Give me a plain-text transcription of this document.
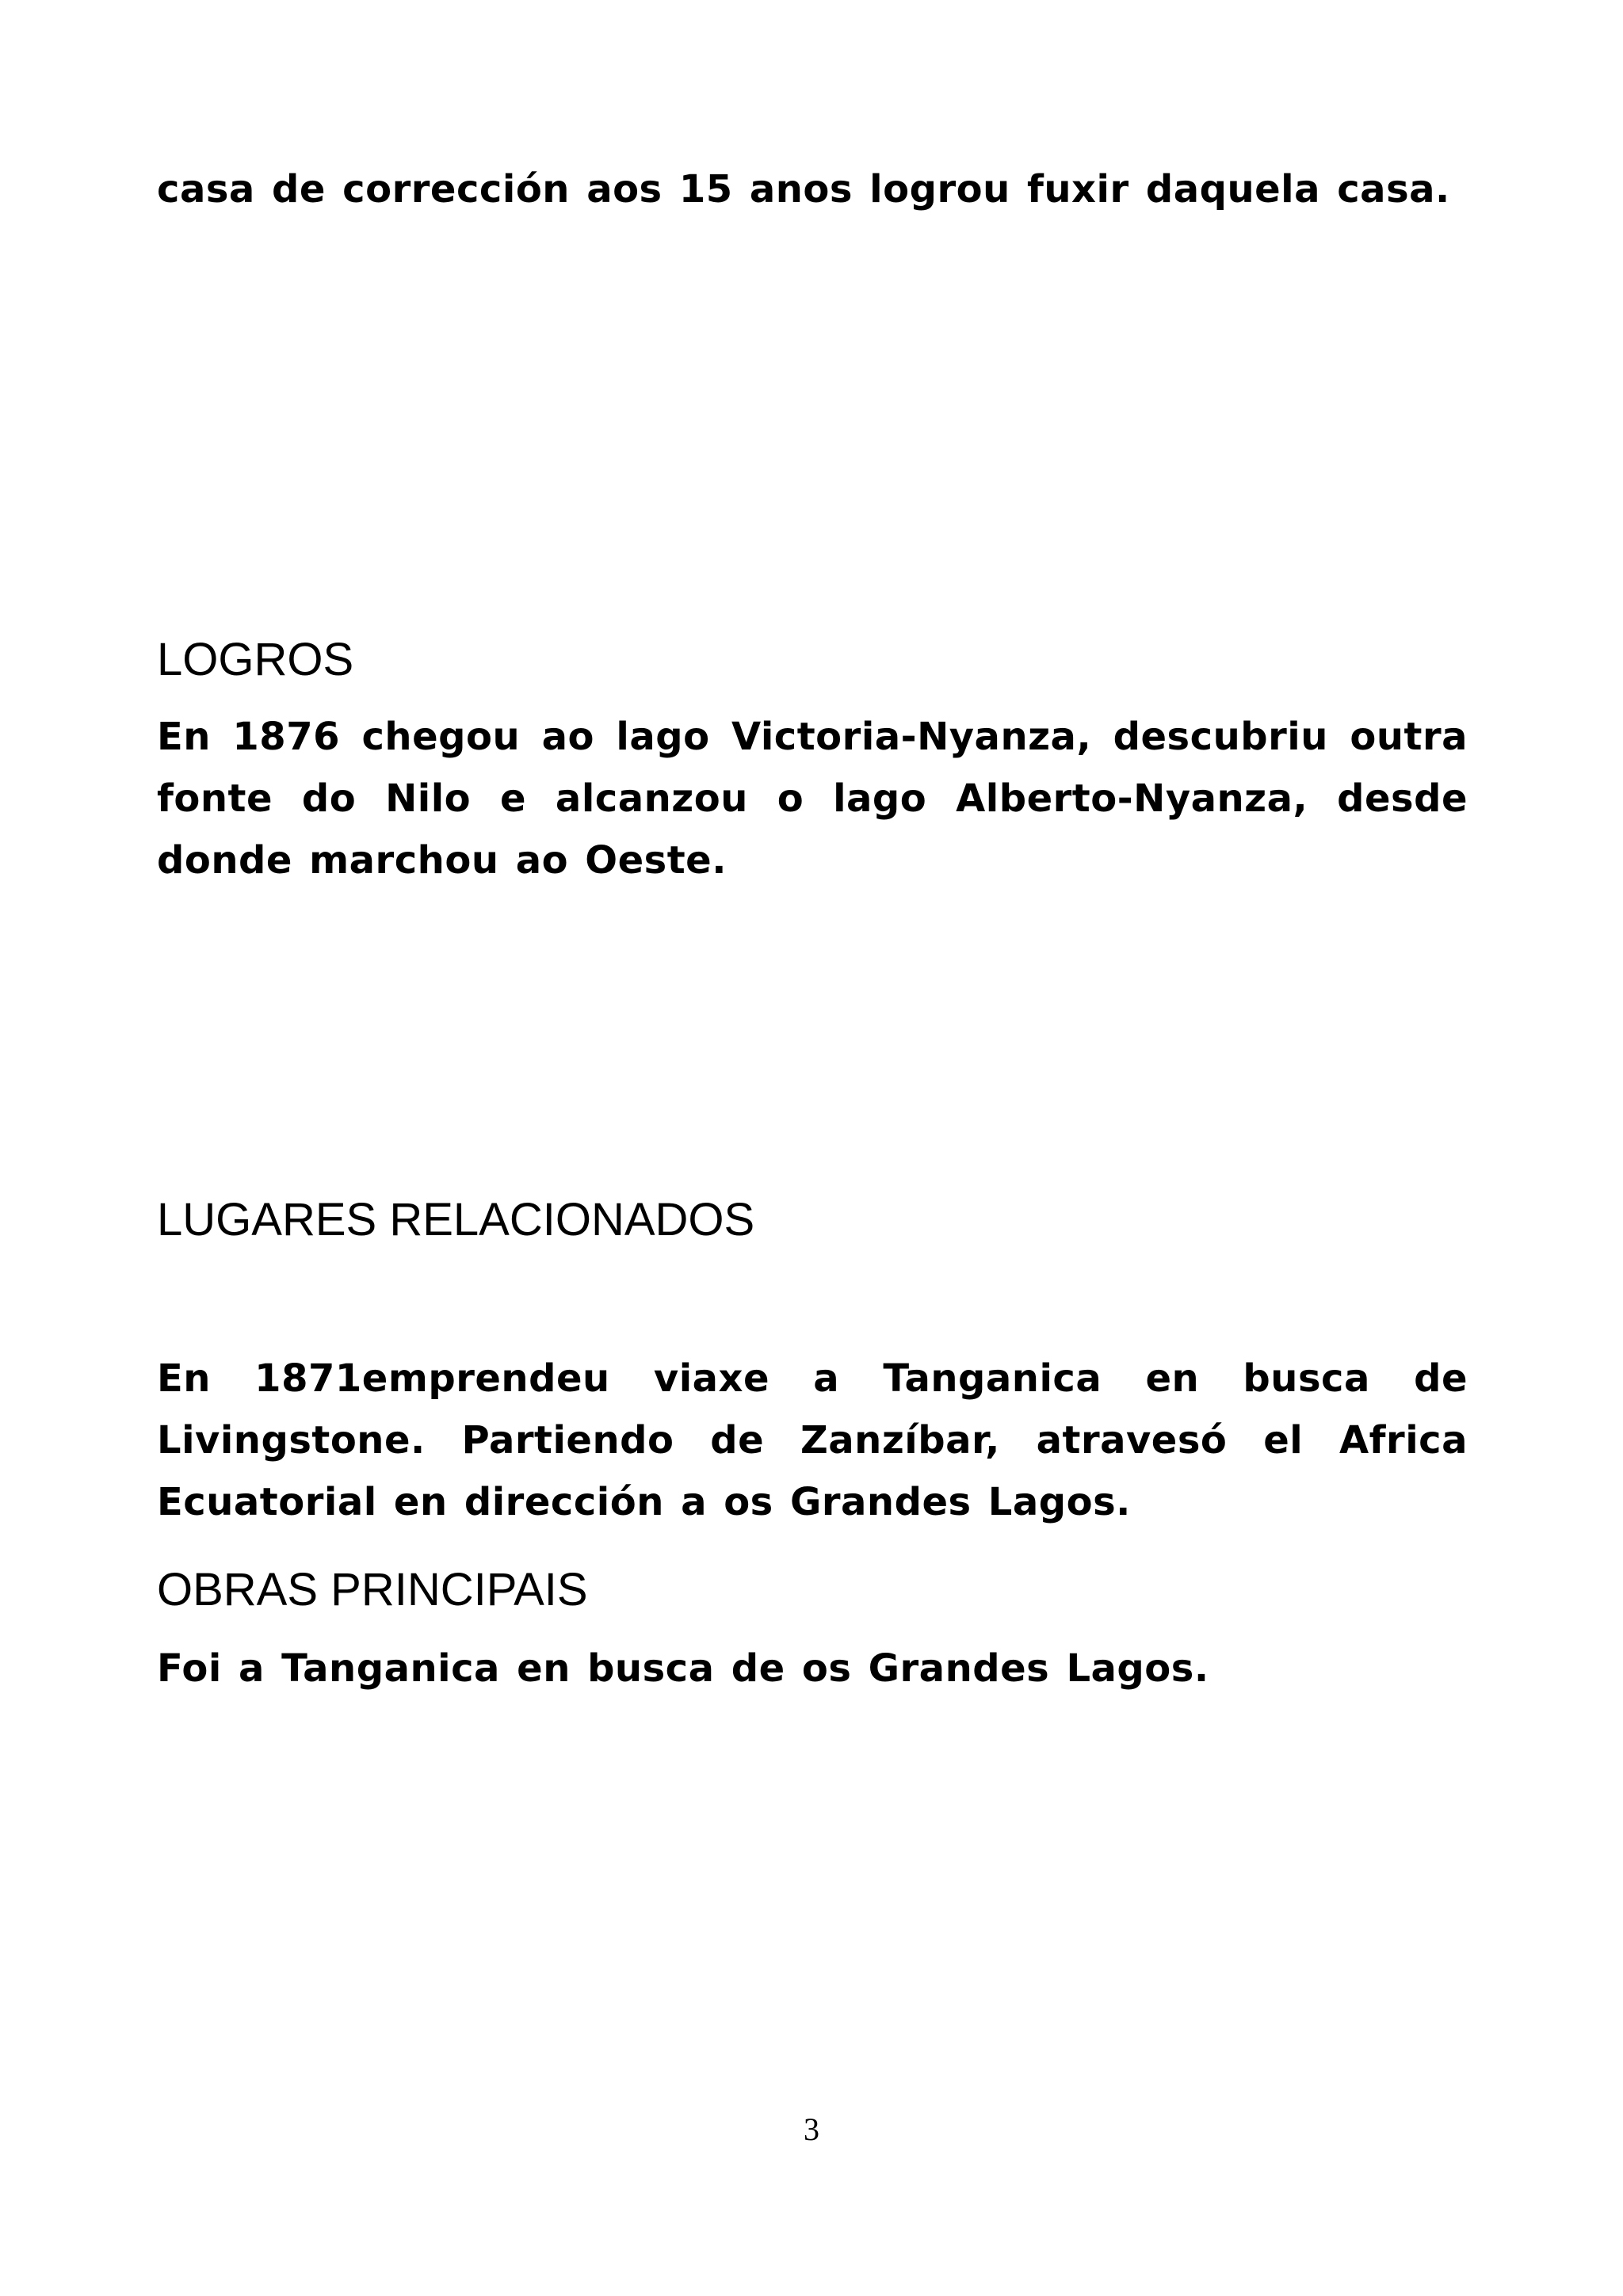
casa de corrección aos 15 anos logrou fuxir daquela casa.

LOGROS

En 1876 chegou ao lago Victoria-Nyanza, descubriu outra fonte do Nilo e alcanzou o lago Alberto-Nyanza, desde donde marchou ao Oeste.

LUGARES RELACIONADOS

En 1871emprendeu viaxe a Tanganica en busca de Livingstone. Partiendo de Zanzíbar, atravesó el Africa Ecuatorial en dirección a os Grandes Lagos.

OBRAS PRINCIPAIS

Foi a Tanganica en busca de os Grandes Lagos.

3
